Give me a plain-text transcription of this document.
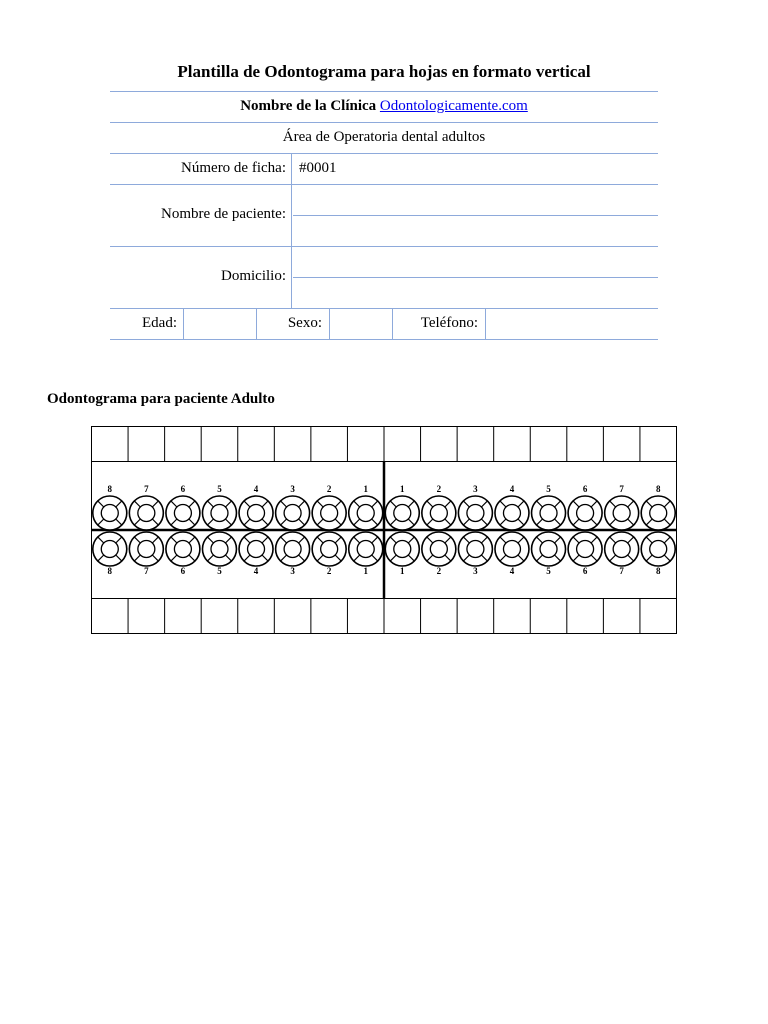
Plantilla de Odontograma para hojas en formato vertical
Nombre de la Clínica Odontologicamente.com
Área de Operatoria dental adultos
Número de ficha: #0001
Nombre de paciente:
Domicilio:
Edad:	Sexo:	Teléfono:
Odontograma para paciente Adulto
8
8
7
7
6
6
5
5
4
4
3
3
2
2
1
1
1
1
2
2
3
3
4
4
5
5
6
6
7
7
8
8
